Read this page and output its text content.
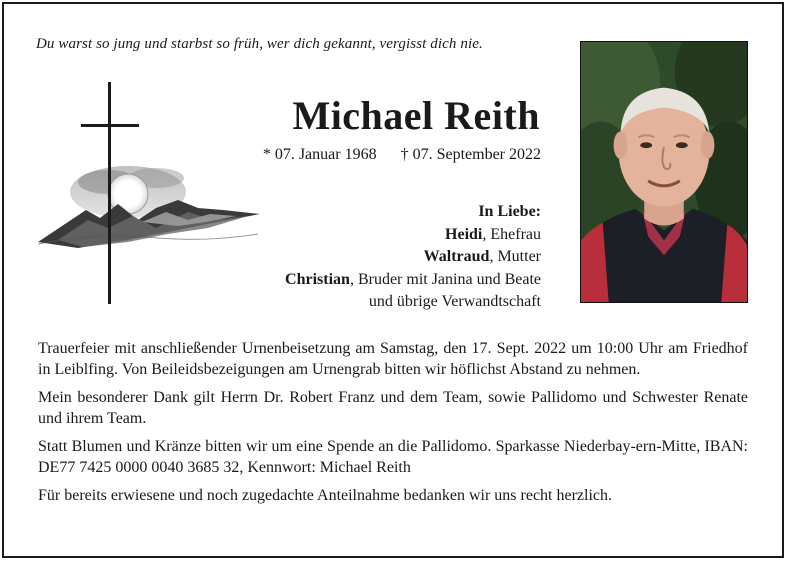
Du warst so jung und starbst so früh, wer dich gekannt, vergisst dich nie.
Michael Reith
* 07. Januar 1968 † 07. September 2022
In Liebe:
Heidi, Ehefrau
Waltraud, Mutter
Christian, Bruder mit Janina und Beate
und übrige Verwandtschaft

Trauerfeier mit anschließender Urnenbeisetzung am Samstag, den 17. Sept. 2022 um 10:00 Uhr am Friedhof in Leiblfing. Von Beileidsbezeigungen am Urnengrab bitten wir höflichst Abstand zu nehmen.

Mein besonderer Dank gilt Herrn Dr. Robert Franz und dem Team, sowie Pallidomo und Schwester Renate und ihrem Team.

Statt Blumen und Kränze bitten wir um eine Spende an die Pallidomo. Sparkasse Niederbay-ern-Mitte, IBAN: DE77 7425 0000 0040 3685 32, Kennwort: Michael Reith

Für bereits erwiesene und noch zugedachte Anteilnahme bedanken wir uns recht herzlich.
